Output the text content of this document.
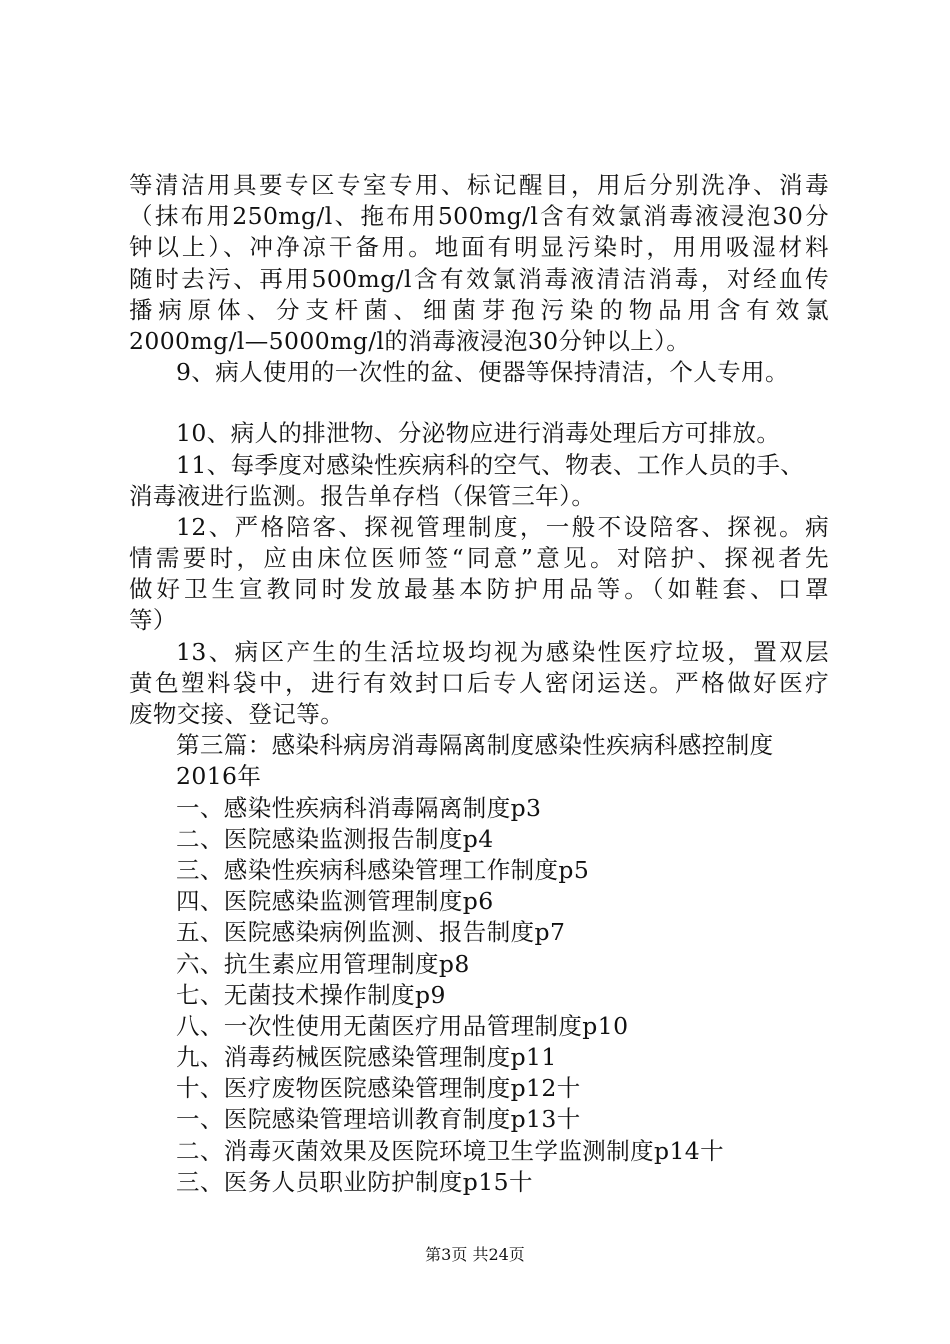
等清洁用具要专区专室专用、标记醒目，用后分别洗净、消毒
（抹布用250mg/l、拖布用500mg/l含有效氯消毒液浸泡30分
钟以上）、冲净凉干备用。地面有明显污染时，用用吸湿材料
随时去污、再用500mg/l含有效氯消毒液清洁消毒，对经血传
播病原体、分支杆菌、细菌芽孢污染的物品用含有效氯
2000mg/l—5000mg/l的消毒液浸泡30分钟以上）。
9、病人使用的一次性的盆、便器等保持清洁，个人专用。
10、病人的排泄物、分泌物应进行消毒处理后方可排放。
11、每季度对感染性疾病科的空气、物表、工作人员的手、
消毒液进行监测。报告单存档（保管三年）。
12、严格陪客、探视管理制度，一般不设陪客、探视。病
情需要时，应由床位医师签“同意”意见。对陪护、探视者先
做好卫生宣教同时发放最基本防护用品等。（如鞋套、口罩
等）
13、病区产生的生活垃圾均视为感染性医疗垃圾，置双层
黄色塑料袋中，进行有效封口后专人密闭运送。严格做好医疗
废物交接、登记等。
第三篇：感染科病房消毒隔离制度感染性疾病科感控制度
2016年
一、感染性疾病科消毒隔离制度p3
二、医院感染监测报告制度p4
三、感染性疾病科感染管理工作制度p5
四、医院感染监测管理制度p6
五、医院感染病例监测、报告制度p7
六、抗生素应用管理制度p8
七、无菌技术操作制度p9
八、一次性使用无菌医疗用品管理制度p10
九、消毒药械医院感染管理制度p11
十、医疗废物医院感染管理制度p12十
一、医院感染管理培训教育制度p13十
二、消毒灭菌效果及医院环境卫生学监测制度p14十
三、医务人员职业防护制度p15十
第3页 共24页
